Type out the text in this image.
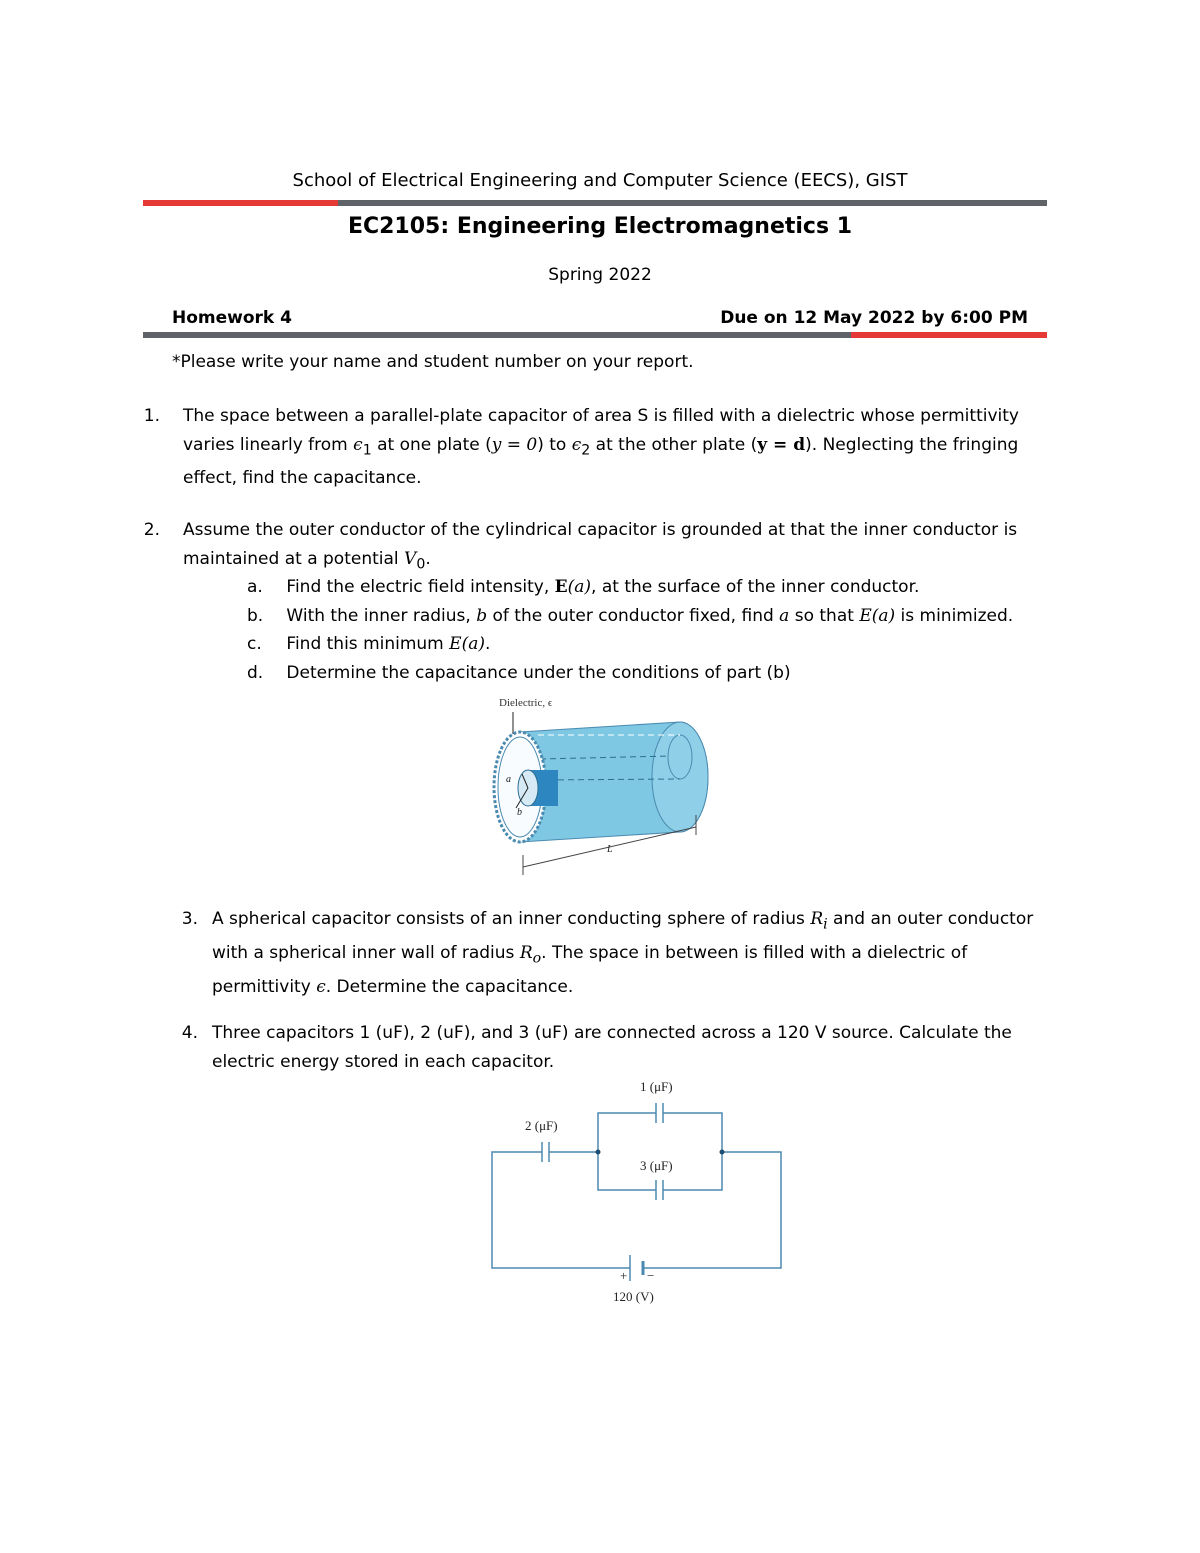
School of Electrical Engineering and Computer Science (EECS), GIST
EC2105: Engineering Electromagnetics 1
Spring 2022
Homework 4	Due on 12 May 2022 by 6:00 PM
*Please write your name and student number on your report.
1. The space between a parallel-plate capacitor of area S is filled with a dielectric whose permittivity
varies linearly from $\epsilon_1$ at one plate (y = 0) to $\epsilon_2$ at the other plate (y = d). Neglecting the fringing
effect, find the capacitance.
2. Assume the outer conductor of the cylindrical capacitor is grounded at that the inner conductor is
maintained at a potential $V_0$.
a. Find the electric field intensity, E(a), at the surface of the inner conductor.
b. With the inner radius, b of the outer conductor fixed, find a so that E(a) is minimized.
c. Find this minimum E(a).
d. Determine the capacitance under the conditions of part (b)
Dielectric, ϵ
a
b
L
3. A spherical capacitor consists of an inner conducting sphere of radius $R_i$ and an outer conductor
with a spherical inner wall of radius $R_o$. The space in between is filled with a dielectric of
permittivity ϵ. Determine the capacitance.
4. Three capacitors 1 (uF), 2 (uF), and 3 (uF) are connected across a 120 V source. Calculate the
electric energy stored in each capacitor.
1 (μF)
2 (μF)
3 (μF)
+ −
120 (V)
